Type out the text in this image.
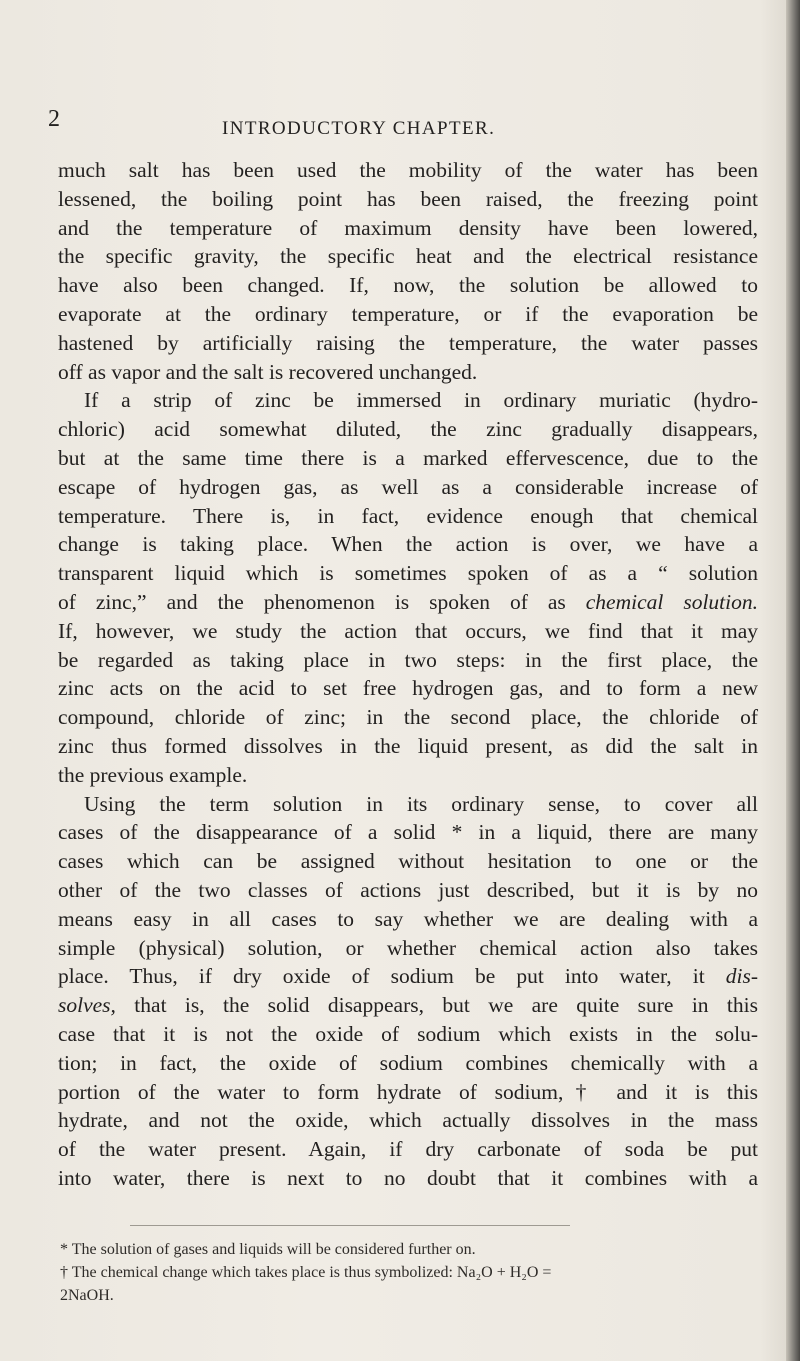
2	INTRODUCTORY CHAPTER.
much salt has been used the mobility of the water has been
lessened, the boiling point has been raised, the freezing point
and the temperature of maximum density have been lowered,
the specific gravity, the specific heat and the electrical resistance
have also been changed. If, now, the solution be allowed to
evaporate at the ordinary temperature, or if the evaporation be
hastened by artificially raising the temperature, the water passes
off as vapor and the salt is recovered unchanged.
If a strip of zinc be immersed in ordinary muriatic (hydro-
chloric) acid somewhat diluted, the zinc gradually disappears,
but at the same time there is a marked effervescence, due to the
escape of hydrogen gas, as well as a considerable increase of
temperature. There is, in fact, evidence enough that chemical
change is taking place. When the action is over, we have a
transparent liquid which is sometimes spoken of as a “ solution
of zinc,” and the phenomenon is spoken of as chemical solution.
If, however, we study the action that occurs, we find that it may
be regarded as taking place in two steps: in the first place, the
zinc acts on the acid to set free hydrogen gas, and to form a new
compound, chloride of zinc; in the second place, the chloride of
zinc thus formed dissolves in the liquid present, as did the salt in
the previous example.
Using the term solution in its ordinary sense, to cover all
cases of the disappearance of a solid * in a liquid, there are many
cases which can be assigned without hesitation to one or the
other of the two classes of actions just described, but it is by no
means easy in all cases to say whether we are dealing with a
simple (physical) solution, or whether chemical action also takes
place. Thus, if dry oxide of sodium be put into water, it dis-
solves, that is, the solid disappears, but we are quite sure in this
case that it is not the oxide of sodium which exists in the solu-
tion; in fact, the oxide of sodium combines chemically with a
portion of the water to form hydrate of sodium,† and it is this
hydrate, and not the oxide, which actually dissolves in the mass
of the water present. Again, if dry carbonate of soda be put
into water, there is next to no doubt that it combines with a
* The solution of gases and liquids will be considered further on.
† The chemical change which takes place is thus symbolized: Na₂O + H₂O =
2NaOH.
